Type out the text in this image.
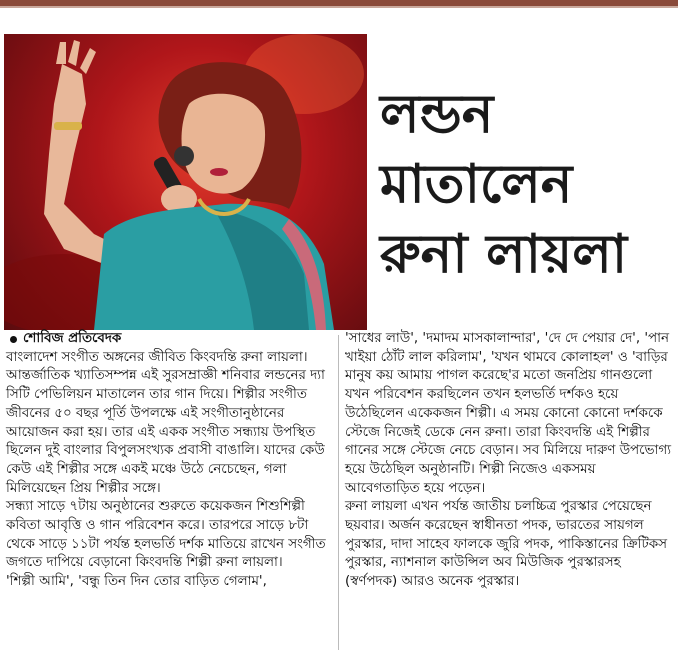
লন্ডন
মাতালেন
রুনা লায়লা
শোবিজ প্রতিবেদক

বাংলাদেশ সংগীত অঙ্গনের জীবিত কিংবদন্তি রুনা লায়লা। আন্তর্জাতিক খ্যাতিসম্পন্ন এই সুরসম্রাজ্ঞী শনিবার লন্ডনের দ্যা সিটি পেভিলিয়ন মাতালেন তার গান দিয়ে। শিল্পীর সংগীত জীবনের ৫০ বছর পূর্তি উপলক্ষে এই সংগীতানুষ্ঠানের আয়োজন করা হয়। তার এই একক সংগীত সন্ধ্যায় উপস্থিত ছিলেন দুই বাংলার বিপুলসংখ্যক প্রবাসী বাঙালি। যাদের কেউ কেউ এই শিল্পীর সঙ্গে একই মঞ্চে উঠে নেচেছেন, গলা মিলিয়েছেন প্রিয় শিল্পীর সঙ্গে।

সন্ধ্যা সাড়ে ৭টায় অনুষ্ঠানের শুরুতে কয়েকজন শিশুশিল্পী কবিতা আবৃত্তি ও গান পরিবেশন করে। তারপরে সাড়ে ৮টা থেকে সাড়ে ১১টা পর্যন্ত হলভর্তি দর্শক মাতিয়ে রাখেন সংগীত জগতে দাপিয়ে বেড়ানো কিংবদন্তি শিল্পী রুনা লায়লা।

'শিল্পী আমি', 'বন্ধু তিন দিন তোর বাড়িত গেলাম',

'সাধের লাউ', 'দমাদম মাসকালান্দার', 'দে দে পেয়ার দে', 'পান খাইয়া ঠোঁট লাল করিলাম', 'যখন থামবে কোলাহল' ও 'বাড়ির মানুষ কয় আমায় পাগল করেছে'র মতো জনপ্রিয় গানগুলো যখন পরিবেশন করছিলেন তখন হলভর্তি দর্শকও হয়ে উঠেছিলেন একেকজন শিল্পী। এ সময় কোনো কোনো দর্শককে স্টেজে নিজেই ডেকে নেন রুনা। তারা কিংবদন্তি এই শিল্পীর গানের সঙ্গে স্টেজে নেচে বেড়ান। সব মিলিয়ে দারুণ উপভোগ্য হয়ে উঠেছিল অনুষ্ঠানটি। শিল্পী নিজেও একসময় আবেগতাড়িত হয়ে পড়েন।

রুনা লায়লা এখন পর্যন্ত জাতীয় চলচ্চিত্র পুরস্কার পেয়েছেন ছয়বার। অর্জন করেছেন স্বাধীনতা পদক, ভারতের সায়গল পুরস্কার, দাদা সাহেব ফালকে জুরি পদক, পাকিস্তানের ক্রিটিকস পুরস্কার, ন্যাশনাল কাউন্সিল অব মিউজিক পুরস্কারসহ (স্বর্ণপদক) আরও অনেক পুরস্কার।
